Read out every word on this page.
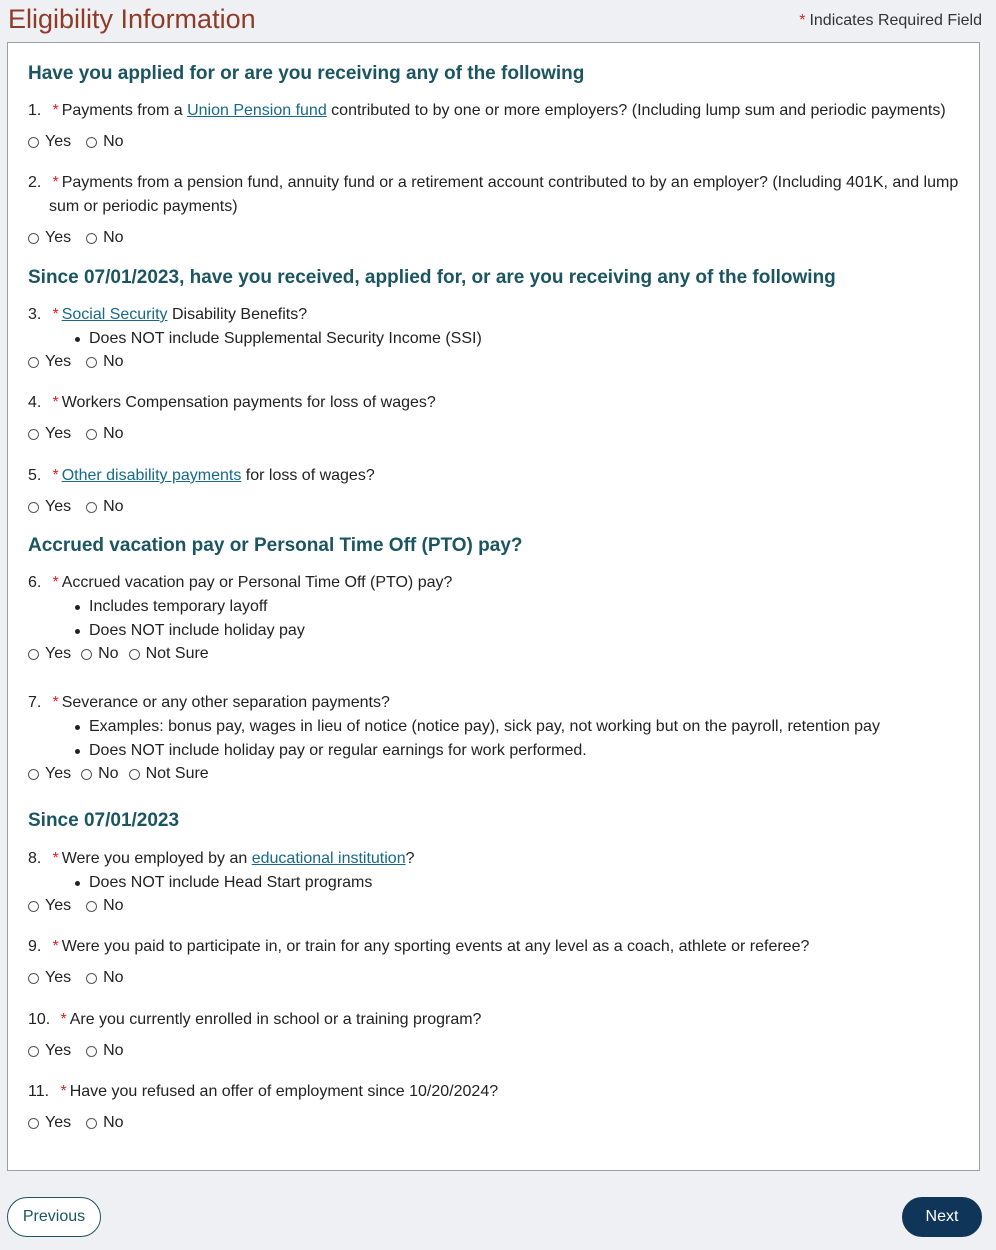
Eligibility Information	* Indicates Required Field
Have you applied for or are you receiving any of the following
1. * Payments from a Union Pension fund contributed to by one or more employers? (Including lump sum and periodic payments)
Yes No
2. * Payments from a pension fund, annuity fund or a retirement account contributed to by an employer? (Including 401K, and lump
sum or periodic payments)
Yes No
Since 07/01/2023, have you received, applied for, or are you receiving any of the following
3. * Social Security Disability Benefits?
Does NOT include Supplemental Security Income (SSI)
Yes No
4. * Workers Compensation payments for loss of wages?
Yes No
5. * Other disability payments for loss of wages?
Yes No
Accrued vacation pay or Personal Time Off (PTO) pay?
6. * Accrued vacation pay or Personal Time Off (PTO) pay?
Includes temporary layoff
Does NOT include holiday pay
Yes No Not Sure
7. * Severance or any other separation payments?
Examples: bonus pay, wages in lieu of notice (notice pay), sick pay, not working but on the payroll, retention pay
Does NOT include holiday pay or regular earnings for work performed.
Yes No Not Sure
Since 07/01/2023
8. * Were you employed by an educational institution?
Does NOT include Head Start programs
Yes No
9. * Were you paid to participate in, or train for any sporting events at any level as a coach, athlete or referee?
Yes No
10. * Are you currently enrolled in school or a training program?
Yes No
11. * Have you refused an offer of employment since 10/20/2024?
Yes No
Previous	Next
